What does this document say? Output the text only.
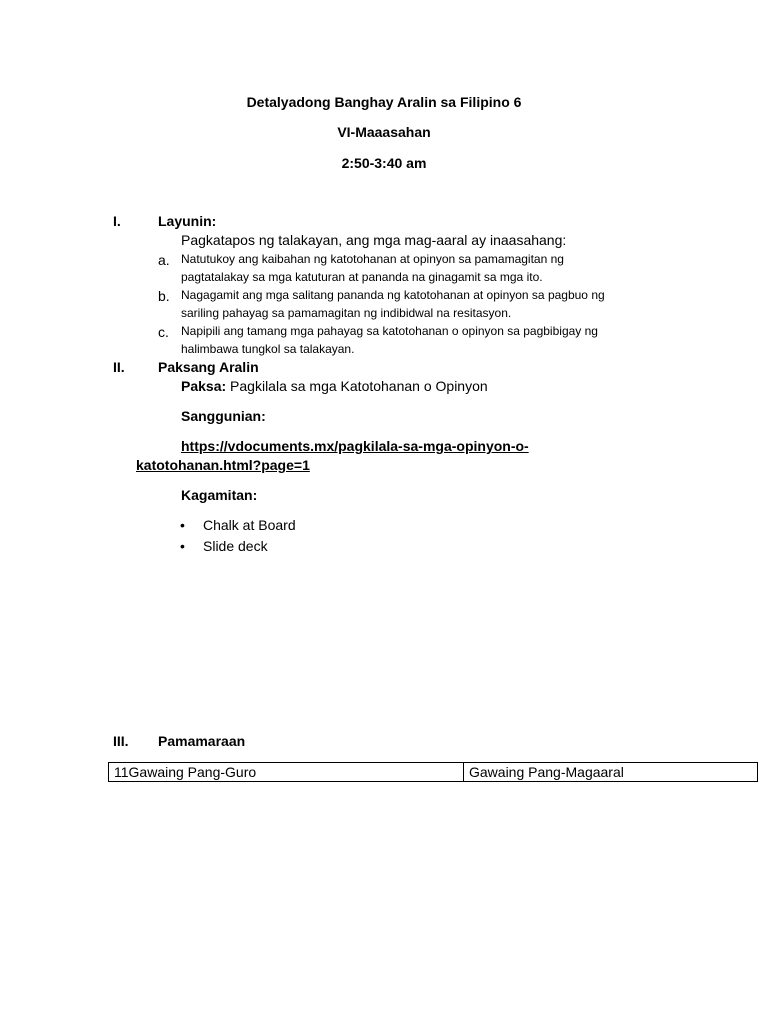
Detalyadong Banghay Aralin sa Filipino 6
VI-Maaasahan
2:50-3:40 am
I.	Layunin:
Pagkatapos ng talakayan, ang mga mag-aaral ay inaasahang:
a. Natutukoy ang kaibahan ng katotohanan at opinyon sa pamamagitan ng
pagtatalakay sa mga katuturan at pananda na ginagamit sa mga ito.
b. Nagagamit ang mga salitang pananda ng katotohanan at opinyon sa pagbuo ng
sariling pahayag sa pamamagitan ng indibidwal na resitasyon.
c. Napipili ang tamang mga pahayag sa katotohanan o opinyon sa pagbibigay ng
halimbawa tungkol sa talakayan.
II. Paksang Aralin
Paksa: Pagkilala sa mga Katotohanan o Opinyon
Sanggunian:
https://vdocuments.mx/pagkilala-sa-mga-opinyon-o-
katotohanan.html?page=1
Kagamitan:
• Chalk at Board
• Slide deck
III. Pamamaraan
11Gawaing Pang-Guro	Gawaing Pang-Magaaral
